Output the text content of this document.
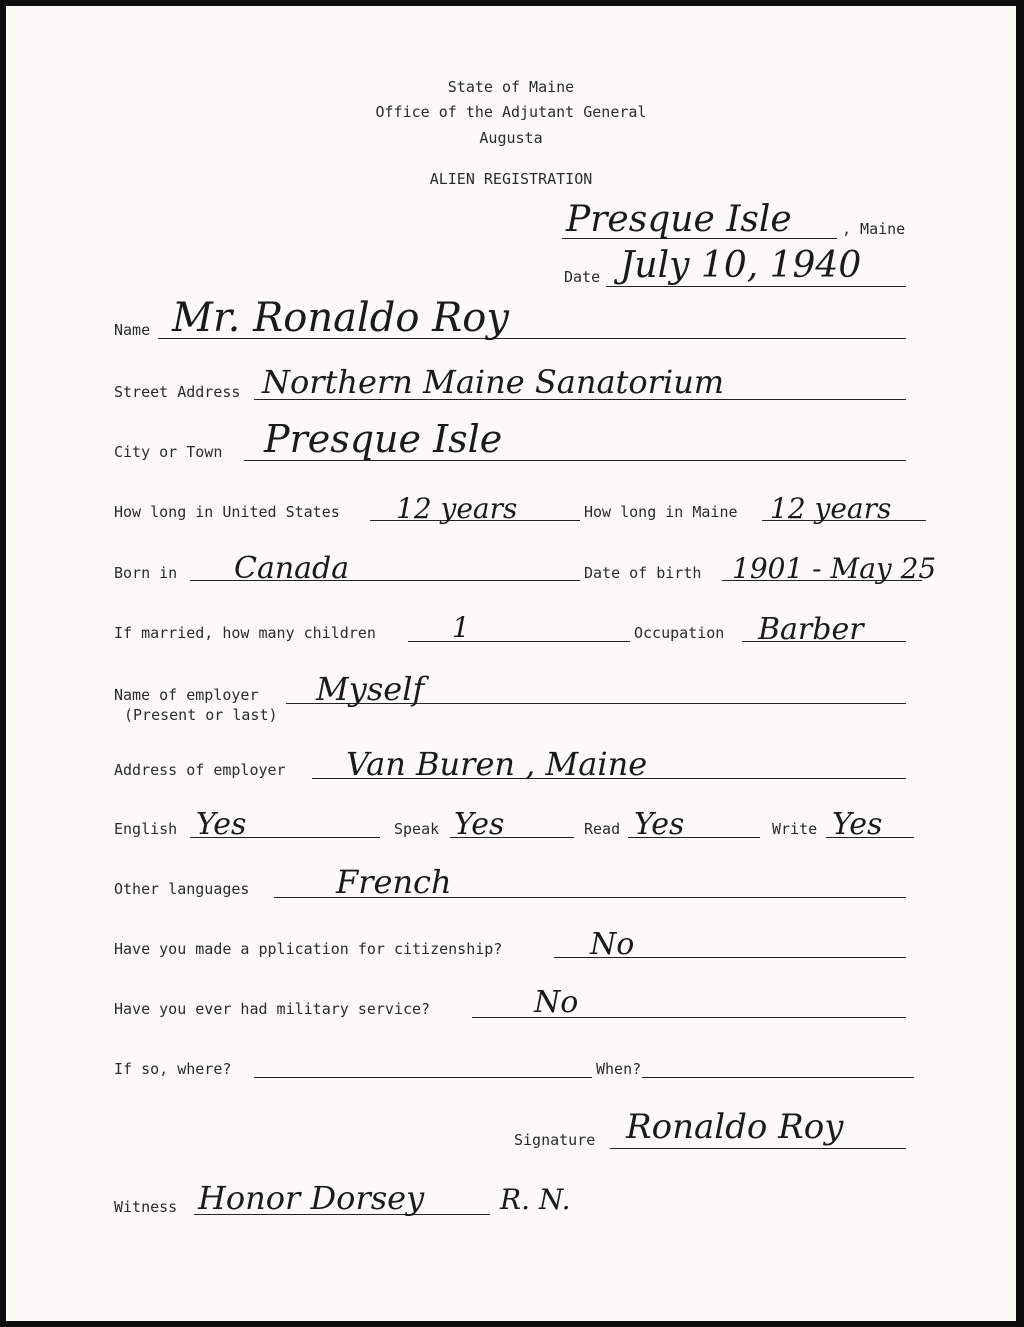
State of Maine
Office of the Adjutant General
Augusta
ALIEN REGISTRATION
Presque Isle	, Maine
Date July 10, 1940
Name Mr. Ronaldo Roy
Street Address Northern Maine Sanatorium
City or Town Presque Isle
How long in United States 12 years	How long in Maine 12 years
Born in Canada	Date of birth 1901 - May 25
If married, how many children	1	Occupation Barber
Name of employer
(Present or last)
Myself
Address of employer Van Buren , Maine
English Yes	Speak Yes	Read Yes	Write Yes
Other languages	French
Have you made a pplication for citizenship?	No
Have you ever had military service?	No
If so, where?	When?
Signature Ronaldo Roy
Witness Honor Dorsey	R. N.
